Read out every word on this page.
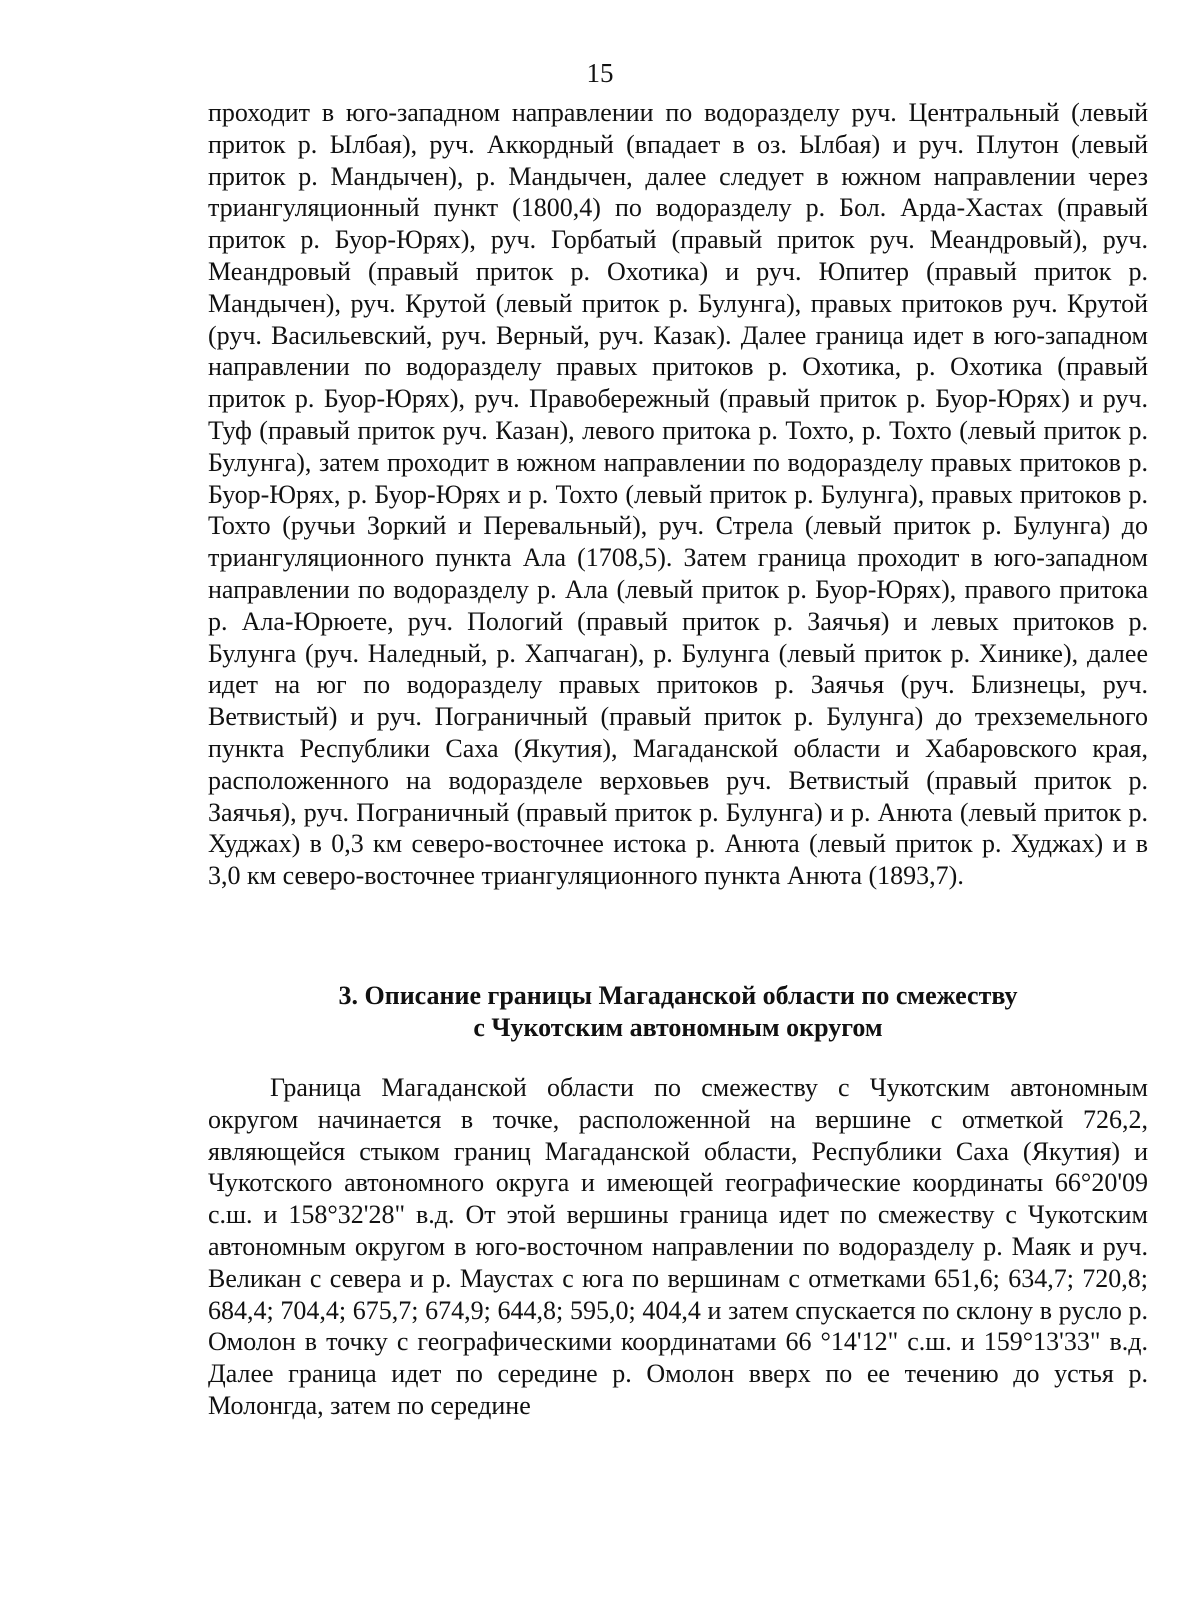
15

проходит в юго-западном направлении по водоразделу руч. Центральный (левый приток р. Ылбая), руч. Аккордный (впадает в оз. Ылбая) и руч. Плутон (левый приток р. Мандычен), р. Мандычен, далее следует в южном направлении через триангуляционный пункт (1800,4) по водоразделу р. Бол. Арда-Хастах (правый приток р. Буор-Юрях), руч. Горбатый (правый приток руч. Меандровый), руч. Меандровый (правый приток р. Охотика) и руч. Юпитер (правый приток р. Мандычен), руч. Крутой (левый приток р. Булунга), правых притоков руч. Крутой (руч. Васильевский, руч. Верный, руч. Казак). Далее граница идет в юго-западном направлении по водоразделу правых притоков р. Охотика, р. Охотика (правый приток р. Буор-Юрях), руч. Правобережный (правый приток р. Буор-Юрях) и руч. Туф (правый приток руч. Казан), левого притока р. Тохто, р. Тохто (левый приток р. Булунга), затем проходит в южном направлении по водоразделу правых притоков р. Буор-Юрях, р. Буор-Юрях и р. Тохто (левый приток р. Булунга), правых притоков р. Тохто (ручьи Зоркий и Перевальный), руч. Стрела (левый приток р. Булунга) до триангуляционного пункта Ала (1708,5). Затем граница проходит в юго-западном направлении по водоразделу р. Ала (левый приток р. Буор-Юрях), правого притока р. Ала-Юрюете, руч. Пологий (правый приток р. Заячья) и левых притоков р. Булунга (руч. Наледный, р. Хапчаган), р. Булунга (левый приток р. Хинике), далее идет на юг по водоразделу правых притоков р. Заячья (руч. Близнецы, руч. Ветвистый) и руч. Пограничный (правый приток р. Булунга) до трехземельного пункта Республики Саха (Якутия), Магаданской области и Хабаровского края, расположенного на водоразделе верховьев руч. Ветвистый (правый приток р. Заячья), руч. Пограничный (правый приток р. Булунга) и р. Анюта (левый приток р. Худжах) в 0,3 км северо-восточнее истока р. Анюта (левый приток р. Худжах) и в 3,0 км северо-восточнее триангуляционного пункта Анюта (1893,7).

3. Описание границы Магаданской области по смежеству
с Чукотским автономным округом

Граница Магаданской области по смежеству с Чукотским автономным округом начинается в точке, расположенной на вершине с отметкой 726,2, являющейся стыком границ Магаданской области, Республики Саха (Якутия) и Чукотского автономного округа и имеющей географические координаты 66°20'09 с.ш. и 158°32'28" в.д. От этой вершины граница идет по смежеству с Чукотским автономным округом в юго-восточном направлении по водоразделу р. Маяк и руч. Великан с севера и р. Маустах с юга по вершинам с отметками 651,6; 634,7; 720,8; 684,4; 704,4; 675,7; 674,9; 644,8; 595,0; 404,4 и затем спускается по склону в русло р. Омолон в точку с географическими координатами 66 °14'12" с.ш. и 159°13'33" в.д. Далее граница идет по середине р. Омолон вверх по ее течению до устья р. Молонгда, затем по середине
